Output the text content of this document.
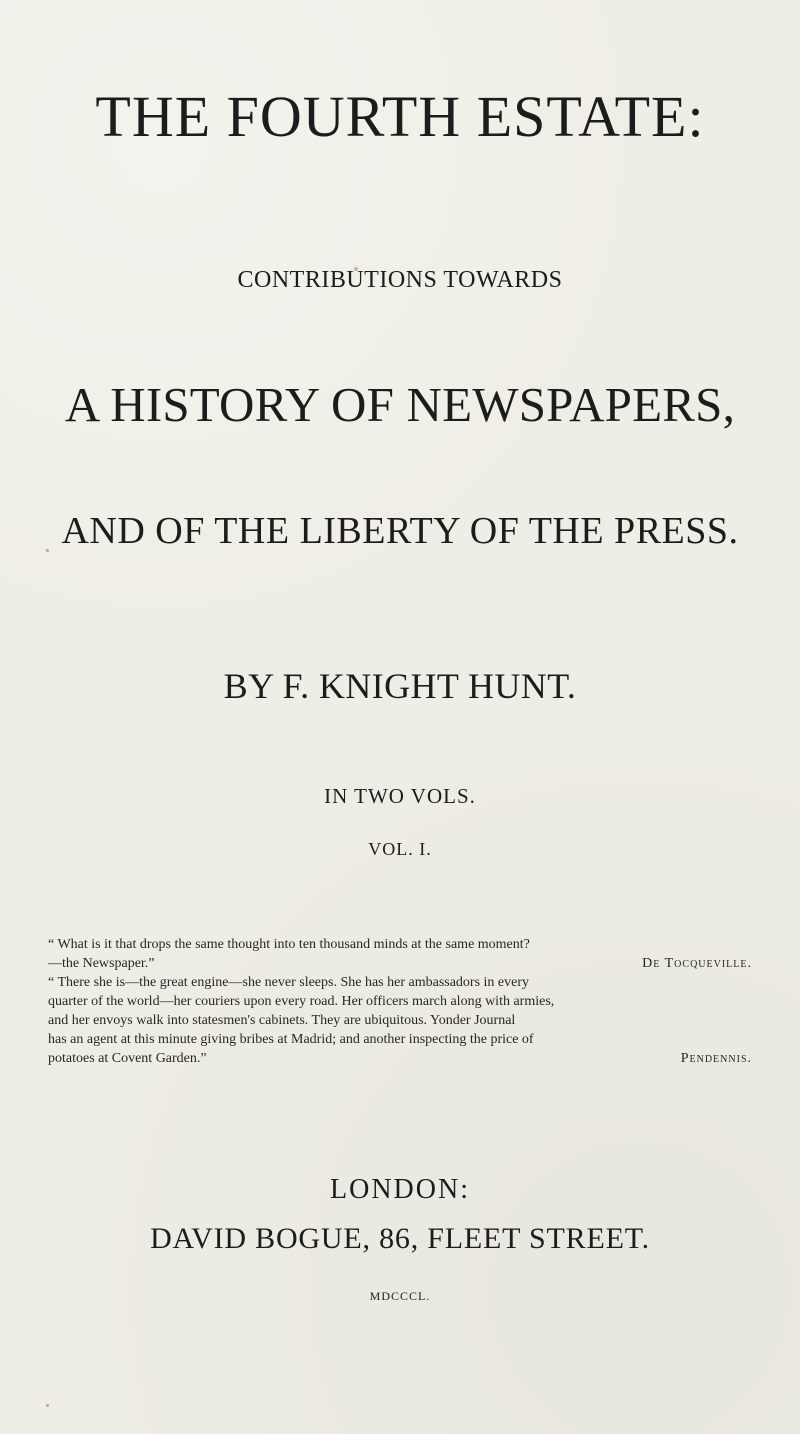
THE FOURTH ESTATE:
CONTRIBUTIONS TOWARDS
A HISTORY OF NEWSPAPERS,
AND OF THE LIBERTY OF THE PRESS.
BY F. KNIGHT HUNT.
IN TWO VOLS.
VOL. I.
“ What is it that drops the same thought into ten thousand minds at the same moment?
—the Newspaper.”	De Tocqueville.
“ There she is—the great engine—she never sleeps. She has her ambassadors in every
quarter of the world—her couriers upon every road. Her officers march along with armies,
and her envoys walk into statesmen's cabinets. They are ubiquitous. Yonder Journal
has an agent at this minute giving bribes at Madrid; and another inspecting the price of
potatoes at Covent Garden.”	Pendennis.
LONDON:
DAVID BOGUE, 86, FLEET STREET.
MDCCCL.
